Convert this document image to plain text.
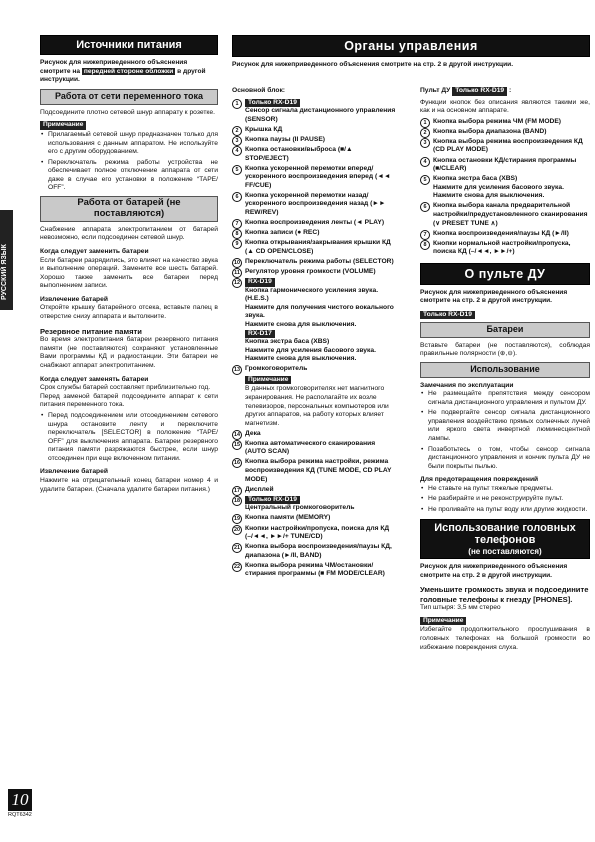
РУССКИЙ ЯЗЫК
Источники питания
Рисунок для нижеприведенного объяснения смотрите на передней стороне обложки в другой инструкции.
Работа от сети переменного тока
Подсоедините плотно сетевой шнур аппарату к розетке.
Примечание
• Прилагаемый сетевой шнур предназначен только для использования с данным аппаратом. Не используйте его с другим оборудованием.
• Переключатель режима работы устройства не обеспечивает полное отключение аппарата от сети даже в случае его установки в положение “TAPE/ OFF”.
Работа от батарей (не поставляются)
Снабжение аппарата электропитанием от батарей невозможно, если подсоединен сетевой шнур.
Когда следует заменить батареи
Если батареи разрядились, это влияет на качество звука и выполнение операций. Замените все шесть батарей. Хорошо также заменить все батареи перед выполнением записи.
Извлечение батарей
Откройте крышку батарейного отсека, вставьте палец в отверстие снизу аппарата и вытолкните.
Резервное питание памяти
Во время электропитания батареи резервного питания памяти (не поставляются) сохраняют установленные Вами программы КД и радиостанции. Эти батареи не снабжают аппарат электропитанием.
Когда следует заменять батареи
Срок службы батарей составляет приблизительно год.
Перед заменой батарей подсоедините аппарат к сети питания переменного тока.
• Перед подсоединением или отсоединением сетевого шнура остановите ленту и переключите переключатель [SELECTOR] в положение “TAPE/ OFF” для выключения аппарата. Батареи резервного питания памяти разряжаются быстрее, если шнур отсоединен при еще включенном питании.
Извлечение батарей
Нажмите на отрицательный конец батареи номер 4 и удалите батареи. (Сначала удалите батареи питания.)
Органы управления
Рисунок для нижеприведенного объяснения смотрите на стр. 2 в другой инструкции.
Основной блок:
1	Только RX-D19
Сенсор сигнала дистанционного управления (SENSOR)
2 Крышка КД
3 Кнопка паузы (II PAUSE)
4 Кнопка остановки/выброса (■/▲ STOP/EJECT)
5 Кнопка ускоренной перемотки вперед/ускоренного воспроизведения вперед (◄◄ FF/CUE)
6 Кнопка ускоренной перемотки назад/ускоренного воспроизведения назад (►► REW/REV)
7 Кнопка воспроизведения ленты (◄ PLAY)
8 Кнопка записи (● REC)
9 Кнопка открывания/закрывания крышки КД (▲ CD OPEN/CLOSE)
10 Переключатель режима работы (SELECTOR)
11 Регулятор уровня громкости (VOLUME)
12	RX-D19
Кнопка гармонического усиления звука. (H.E.S.)
Нажмите для получения чистого вокального звука.
Нажмите снова для выключения.
RX-D17
Кнопка экстра баса (XBS)
Нажмите для усиления басового звука.
Нажмите снова для выключения.
13 Громкоговоритель
Примечание
В данных громкоговорителях нет магнитного экранирования. Не располагайте их возле телевизоров, персональных компьютеров или других аппаратов, на работу которых влияет магнетизм.
14 Дека
15 Кнопка автоматического сканирования (AUTO SCAN)
16 Кнопка выбора режима настройки, режима воспроизведения КД (TUNE MODE, CD PLAY MODE)
17 Дисплей
18	Только RX-D19
Центральный громкоговоритель
19 Кнопка памяти (MEMORY)
20 Кнопки настройки/пропуска, поиска для КД (–/◄◄, ►►/+ TUNE/CD)
21 Кнопка выбора воспроизведения/паузы КД, диапазона (►/II, BAND)
22 Кнопка выбора режима ЧМ/остановки/стирания программы (■ FM MODE/CLEAR)
Пульт ДУ Только RX-D19 :
Функции кнопок без описания являются такими же, как и на основном аппарате.
1 Кнопка выбора режима ЧМ (FM MODE)
2 Кнопка выбора диапазона (BAND)
3 Кнопка выбора режима воспроизведения КД (CD PLAY MODE)
4 Кнопка остановки КД/стирания программы (■/CLEAR)
5 Кнопка экстра баса (XBS)
Нажмите для усиления басового звука. Нажмите снова для выключения.
6 Кнопка выбора канала предварительной настройки/предустановленного сканирования (∨ PRESET TUNE ∧)
7 Кнопка воспроизведения/паузы КД (►/II)
8 Кнопки нормальной настройки/пропуска, поиска КД (–/◄◄, ►►/+)
О пульте ДУ
Рисунок для нижеприведенного объяснения смотрите на стр. 2 в другой инструкции.
Только RX-D19
Батареи
Вставьте батареи (не поставляются), соблюдая правильные полярности (⊕,⊖).
Использование
Замечания по эксплуатации
• Не размещайте препятствия между сенсором сигнала дистанционного управления и пультом ДУ.
• Не подвергайте сенсор сигнала дистанционного управления воздействию прямых солнечных лучей или яркого света инвертной люминесцентной лампы.
• Позаботьтесь о том, чтобы сенсор сигнала дистанционного управления и кончик пульта ДУ не были покрыты пылью.
Для предотвращения повреждений
• Не ставьте на пульт тяжелые предметы.
• Не разбирайте и не реконструируйте пульт.
• Не проливайте на пульт воду или другие жидкости.
Использование головных телефонов
(не поставляются)
Рисунок для нижеприведенного объяснения смотрите на стр. 2 в другой инструкции.
Уменьшите громкость звука и подсоедините головные телефоны к гнезду [PHONES].
Тип штыря: 3,5 мм стерео
Примечание
Избегайте продолжительного прослушивания в головных телефонах на большой громкости во избежание повреждения слуха.
10
RQT6342
